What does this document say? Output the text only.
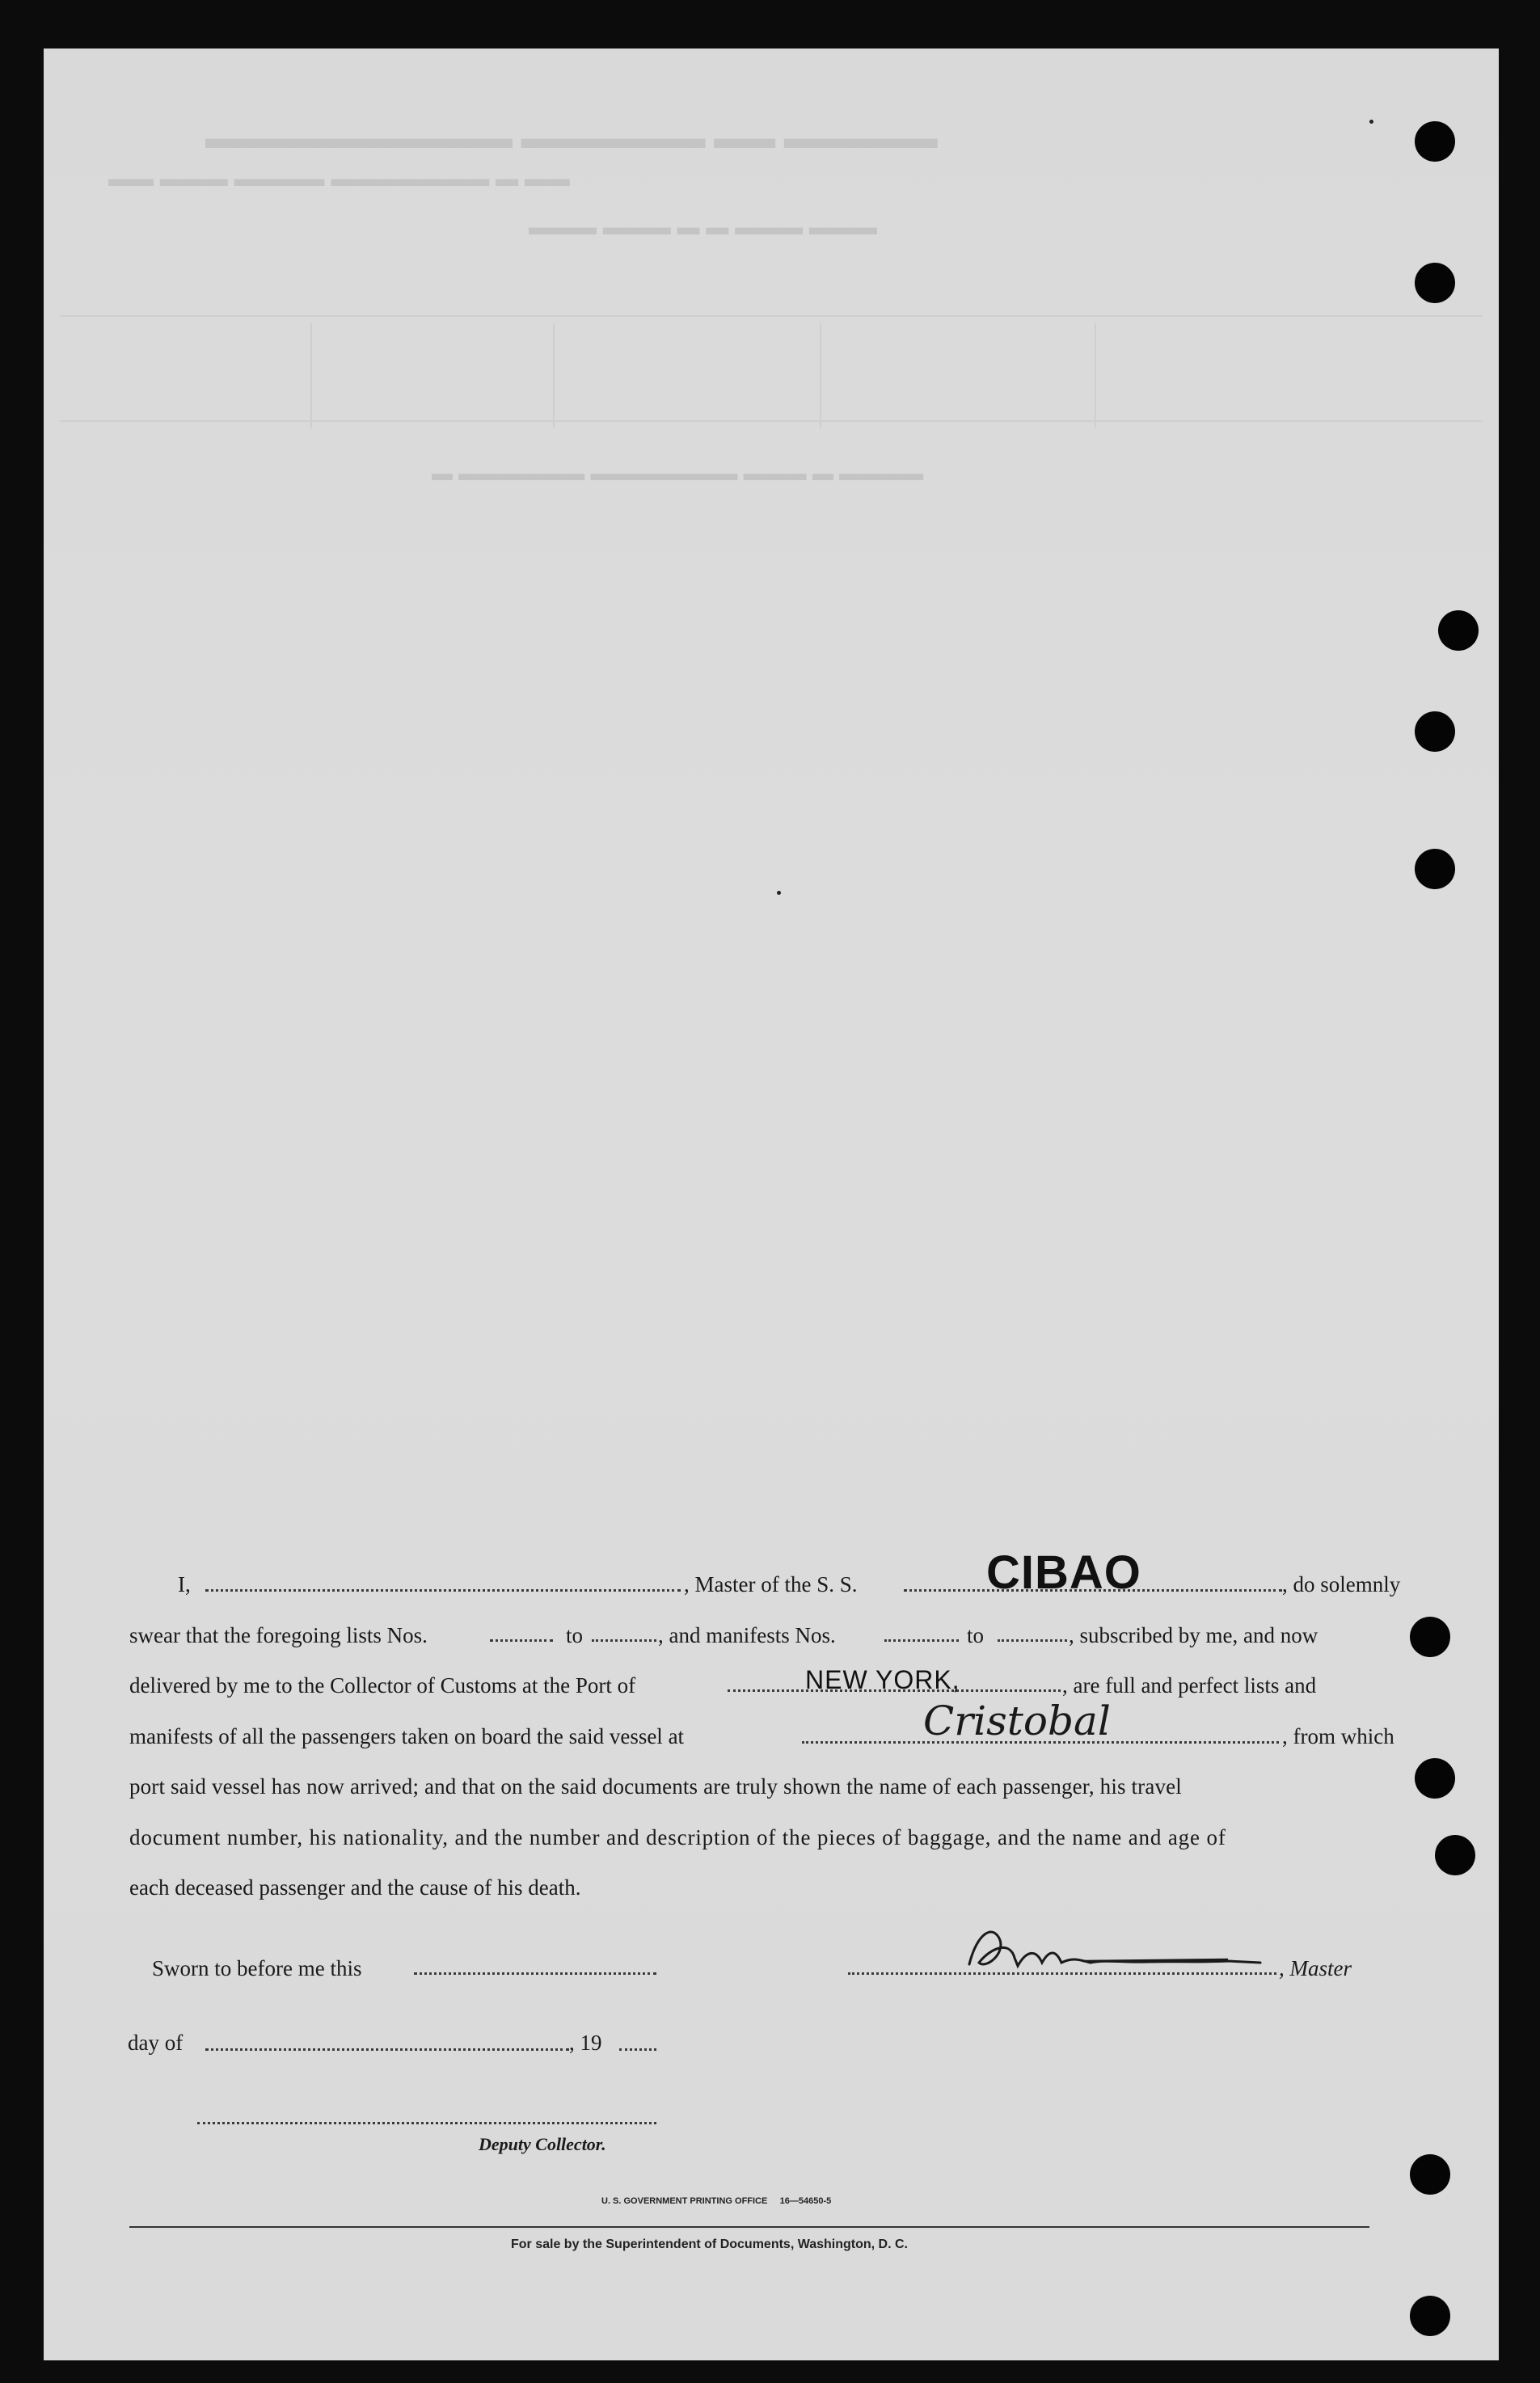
▬▬▬▬▬ ▬▬ ▬▬▬▬▬▬ ▬▬▬▬▬▬▬▬▬▬
▬▬ ▬▬▬ ▬▬▬▬ ▬▬▬▬▬▬▬ ▬ ▬▬
▬▬▬ ▬▬▬ ▬ ▬ ▬▬▬ ▬▬▬
▬ ▬▬▬▬▬▬ ▬▬▬▬▬▬▬ ▬▬▬ ▬ ▬▬▬▬
I,	, Master of the S. S.	CIBAO	, do solemnly
swear that the foregoing lists Nos.	to	, and manifests Nos.	to	, subscribed by me, and now
delivered by me to the Collector of Customs at the Port of	NEW YORK,	, are full and perfect lists and
manifests of all the passengers taken on board the said vessel at	Cristobal	, from which
port said vessel has now arrived; and that on the said documents are truly shown the name of each passenger, his travel
document number, his nationality, and the number and description of the pieces of baggage, and the name and age of
each deceased passenger and the cause of his death.
Sworn to before me this
Christensen
, Master
day of	, 19
Deputy Collector.
U. S. GOVERNMENT PRINTING OFFICE     16—54650-5
For sale by the Superintendent of Documents, Washington, D. C.
